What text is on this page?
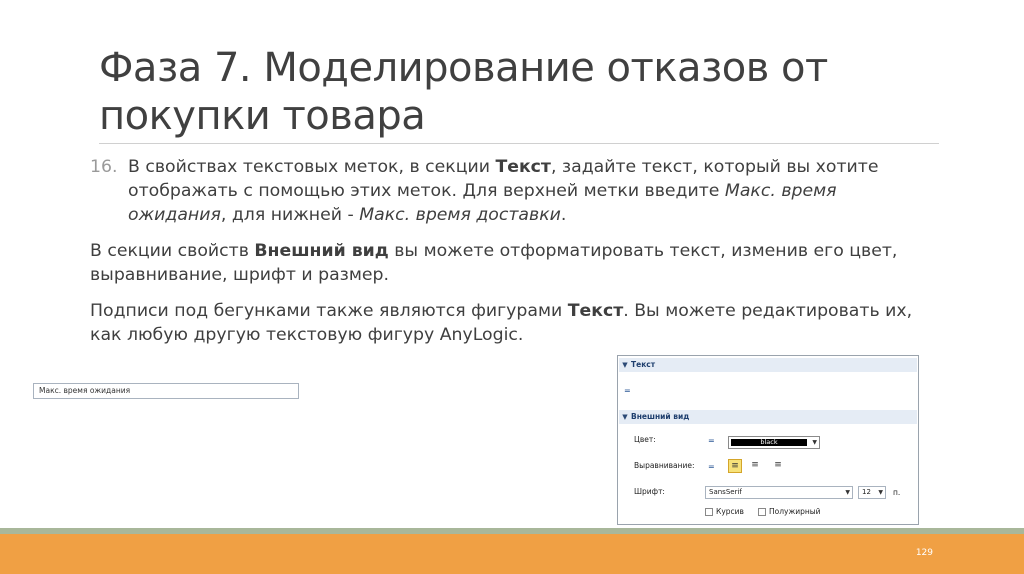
Фаза 7. Моделирование отказов от
покупки товара
16. В свойствах текстовых меток, в секции Текст, задайте текст, который вы хотите отображать с помощью этих меток. Для верхней метки введите Макс. время ожидания, для нижней - Макс. время доставки.
В секции свойств Внешний вид вы можете отформатировать текст, изменив его цвет, выравнивание, шрифт и размер.
Подписи под бегунками также являются фигурами Текст. Вы можете редактировать их, как любую другую текстовую фигуру AnyLogic.
▼ Текст
=
▼ Внешний вид
Цвет:	=	black	▼
Выравнивание: =	≡	≡	≡
Шрифт:	SansSerif	▼	12 ▼ п.
Курсив	Полужирный
Макс. время ожидания
129
